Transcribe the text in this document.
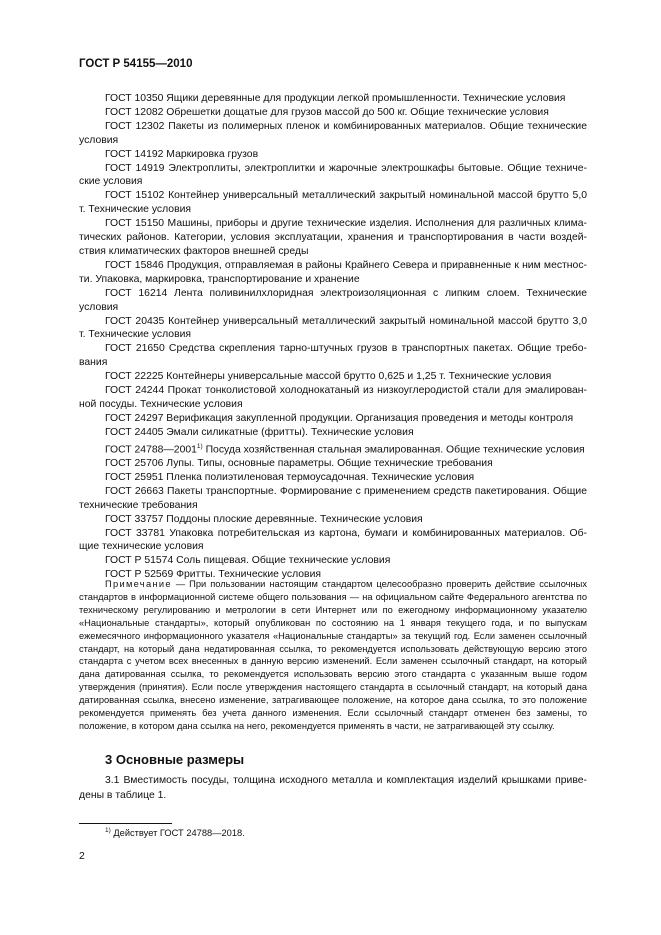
ГОСТ Р 54155—2010
ГОСТ 10350 Ящики деревянные для продукции легкой промышленности. Технические условия
ГОСТ 12082 Обрешетки дощатые для грузов массой до 500 кг. Общие технические условия
ГОСТ 12302 Пакеты из полимерных пленок и комбинированных материалов. Общие технические условия
ГОСТ 14192 Маркировка грузов
ГОСТ 14919 Электроплиты, электроплитки и жарочные электрошкафы бытовые. Общие технические условия
ГОСТ 15102 Контейнер универсальный металлический закрытый номинальной массой брутто 5,0 т. Технические условия
ГОСТ 15150 Машины, приборы и другие технические изделия. Исполнения для различных климатических районов. Категории, условия эксплуатации, хранения и транспортирования в части воздействия климатических факторов внешней среды
ГОСТ 15846 Продукция, отправляемая в районы Крайнего Севера и приравненные к ним местности. Упаковка, маркировка, транспортирование и хранение
ГОСТ 16214 Лента поливинилхлоридная электроизоляционная с липким слоем. Технические условия
ГОСТ 20435 Контейнер универсальный металлический закрытый номинальной массой брутто 3,0 т. Технические условия
ГОСТ 21650 Средства скрепления тарно-штучных грузов в транспортных пакетах. Общие требования
ГОСТ 22225 Контейнеры универсальные массой брутто 0,625 и 1,25 т. Технические условия
ГОСТ 24244 Прокат тонколистовой холоднокатаный из низкоуглеродистой стали для эмалированной посуды. Технические условия
ГОСТ 24297 Верификация закупленной продукции. Организация проведения и методы контроля
ГОСТ 24405 Эмали силикатные (фритты). Технические условия
ГОСТ 24788—2001$^{1)}$ Посуда хозяйственная стальная эмалированная. Общие технические условия
ГОСТ 25706 Лупы. Типы, основные параметры. Общие технические требования
ГОСТ 25951 Пленка полиэтиленовая термоусадочная. Технические условия
ГОСТ 26663 Пакеты транспортные. Формирование с применением средств пакетирования. Общие технические требования
ГОСТ 33757 Поддоны плоские деревянные. Технические условия
ГОСТ 33781 Упаковка потребительская из картона, бумаги и комбинированных материалов. Общие технические условия
ГОСТ Р 51574 Соль пищевая. Общие технические условия
ГОСТ Р 52569 Фритты. Технические условия
Примечание — При пользовании настоящим стандартом целесообразно проверить действие ссылочных стандартов в информационной системе общего пользования — на официальном сайте Федерального агентства по техническому регулированию и метрологии в сети Интернет или по ежегодному информационному указателю «Национальные стандарты», который опубликован по состоянию на 1 января текущего года, и по выпускам ежемесячного информационного указателя «Национальные стандарты» за текущий год. Если заменен ссылочный стандарт, на который дана недатированная ссылка, то рекомендуется использовать действующую версию этого стандарта с учетом всех внесенных в данную версию изменений. Если заменен ссылочный стандарт, на который дана датированная ссылка, то рекомендуется использовать версию этого стандарта с указанным выше годом утверждения (принятия). Если после утверждения настоящего стандарта в ссылочный стандарт, на который дана датированная ссылка, внесено изменение, затрагивающее положение, на которое дана ссылка, то это положение рекомендуется применять без учета данного изменения. Если ссылочный стандарт отменен без замены, то положение, в котором дана ссылка на него, рекомендуется применять в части, не затрагивающей эту ссылку.
3 Основные размеры
3.1 Вместимость посуды, толщина исходного металла и комплектация изделий крышками приведены в таблице 1.
$^{1)}$ Действует ГОСТ 24788—2018.
2
